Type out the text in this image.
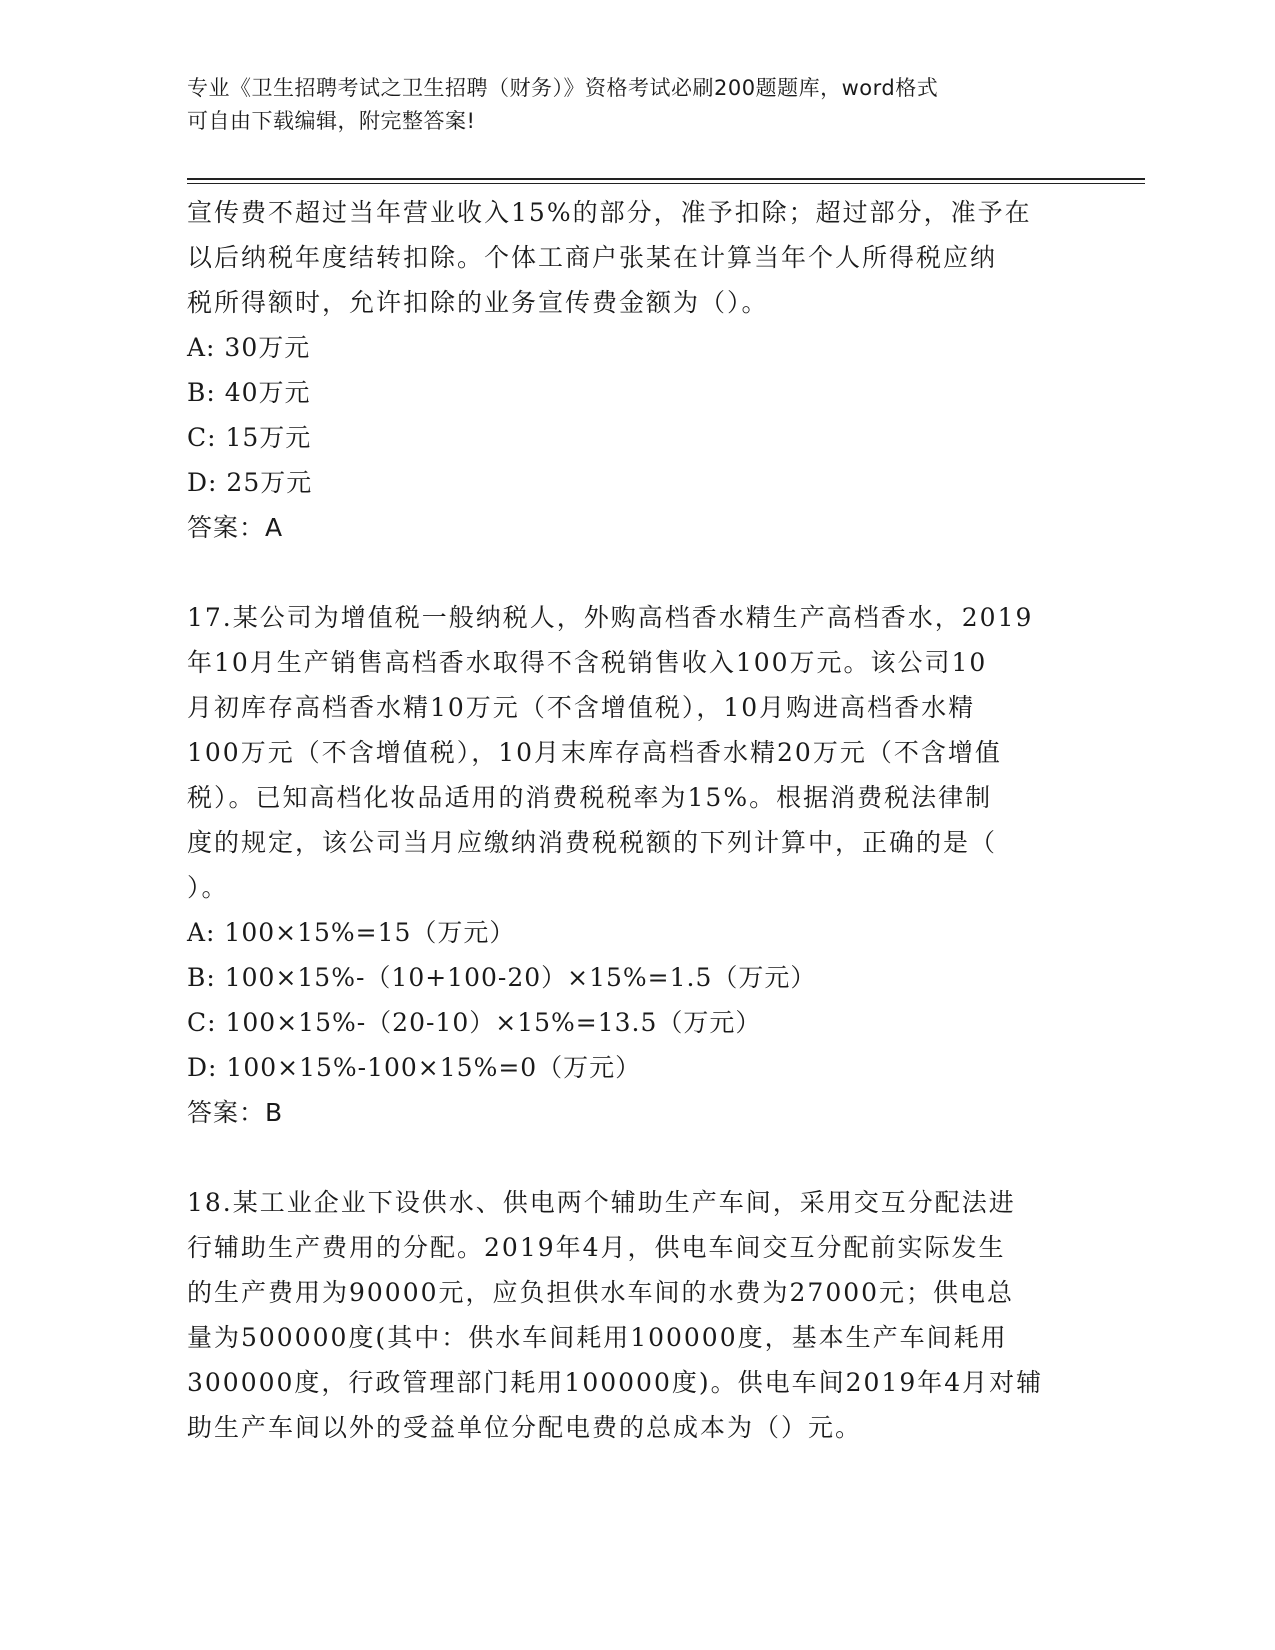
专业《卫生招聘考试之卫生招聘（财务）》资格考试必刷200题题库，word格式
可自由下载编辑，附完整答案!

宣传费不超过当年营业收入15%的部分，准予扣除；超过部分，准予在

以后纳税年度结转扣除。个体工商户张某在计算当年个人所得税应纳

税所得额时，允许扣除的业务宣传费金额为（）。

A: 30万元

B: 40万元

C: 15万元

D: 25万元

答案：A

17.某公司为增值税一般纳税人，外购高档香水精生产高档香水，2019

年10月生产销售高档香水取得不含税销售收入100万元。该公司10

月初库存高档香水精10万元（不含增值税），10月购进高档香水精

100万元（不含增值税），10月末库存高档香水精20万元（不含增值

税）。已知高档化妆品适用的消费税税率为15%。根据消费税法律制

度的规定，该公司当月应缴纳消费税税额的下列计算中，正确的是（

）。

A: 100×15%=15（万元）

B: 100×15%-（10+100-20）×15%=1.5（万元）

C: 100×15%-（20-10）×15%=13.5（万元）

D: 100×15%-100×15%=0（万元）

答案：B

18.某工业企业下设供水、供电两个辅助生产车间，采用交互分配法进

行辅助生产费用的分配。2019年4月，供电车间交互分配前实际发生

的生产费用为90000元，应负担供水车间的水费为27000元；供电总

量为500000度(其中：供水车间耗用100000度，基本生产车间耗用

300000度，行政管理部门耗用100000度)。供电车间2019年4月对辅

助生产车间以外的受益单位分配电费的总成本为（）元。
